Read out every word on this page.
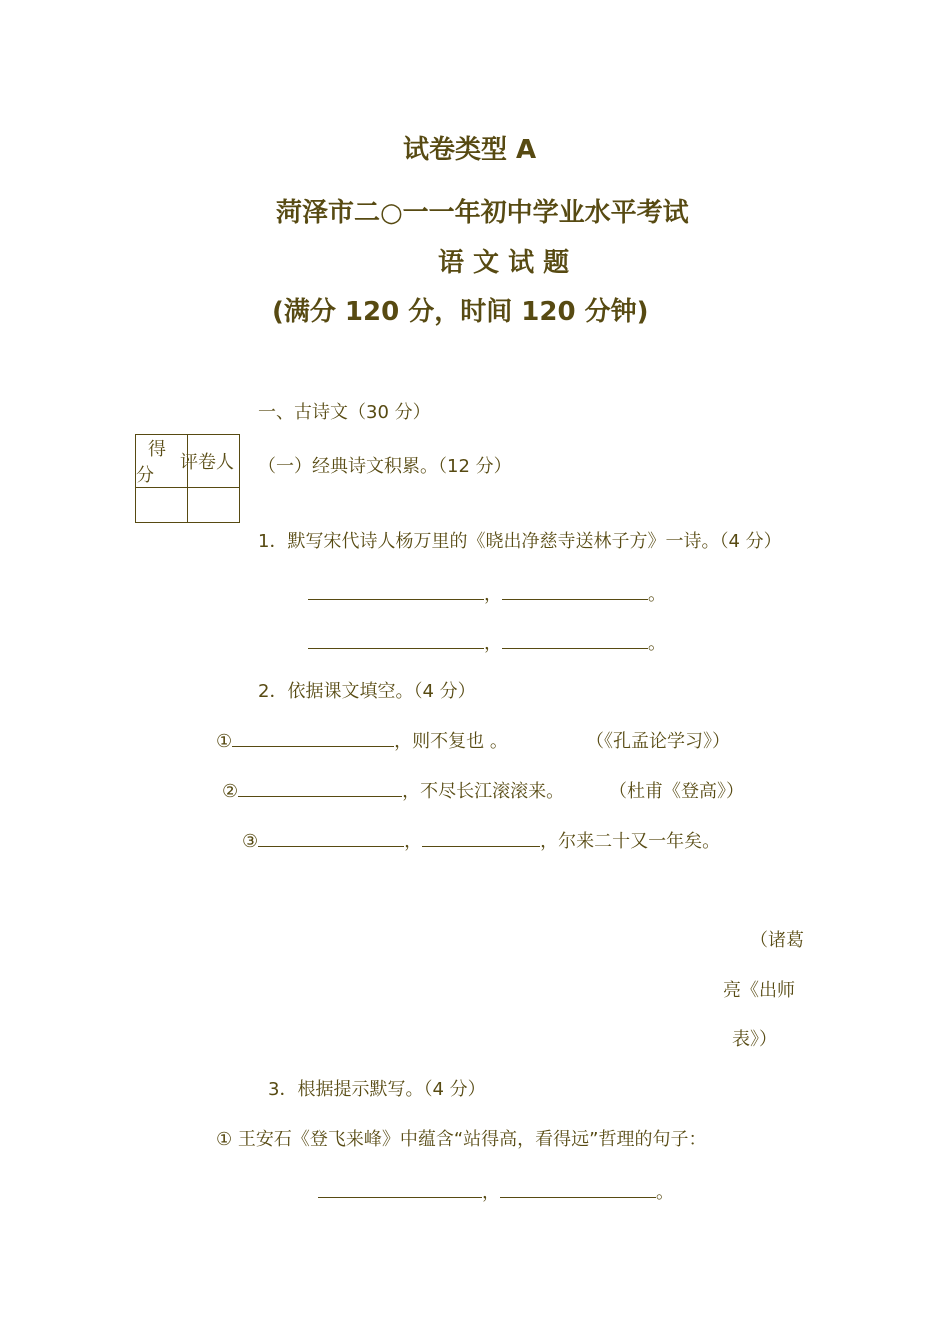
试卷类型 A
菏泽市二○一一年初中学业水平考试
语 文 试 题
(满分 120 分，时间 120 分钟)
一、古诗文（30 分）
得 分	评卷人
	（一）经典诗文积累。（12 分）
1．默写宋代诗人杨万里的《晓出净慈寺送林子方》一诗。（4 分）
，	。
，	。
2．依据课文填空。（4 分）
①	，则不复也 。	（《孔孟论学习》）
②	，不尽长江滚滚来。 （杜甫《登高》）
③	，	，尔来二十又一年矣。
（诸葛
亮《出师
表》）
3．根据提示默写。（4 分）
① 王安石《登飞来峰》中蕴含“站得高，看得远”哲理的句子：
，	。
